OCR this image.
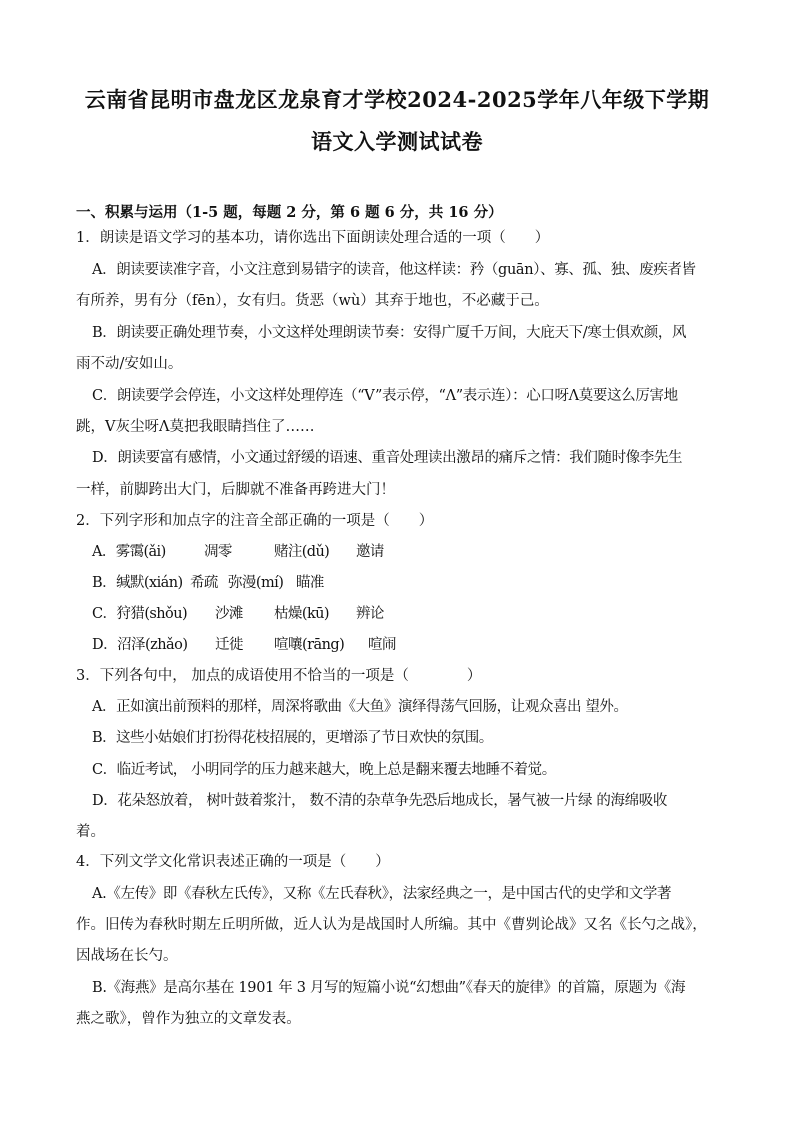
云南省昆明市盘龙区龙泉育才学校2024-2025学年八年级下学期
语文入学测试试卷
一、积累与运用（1-5 题，每题 2 分，第 6 题 6 分，共 16 分）
1．朗读是语文学习的基本功，请你选出下面朗读处理合适的一项（　　）
A．朗读要读准字音，小文注意到易错字的读音，他这样读：矜（guān）、寡、孤、独、废疾者皆
有所养，男有分（fēn），女有归。货恶（wù）其弃于地也，不必藏于己。
B．朗读要正确处理节奏，小文这样处理朗读节奏：安得广厦千万间，大庇天下/寒士俱欢颜，风
雨不动/安如山。
C．朗读要学会停连，小文这样处理停连（“V”表示停，“Λ”表示连）：心口呀Λ莫要这么厉害地
跳，V灰尘呀Λ莫把我眼睛挡住了……
D．朗读要富有感情，小文通过舒缓的语速、重音处理读出激昂的痛斥之情：我们随时像李先生
一样，前脚跨出大门，后脚就不准备再跨进大门！
2．下列字形和加点字的注音全部正确的一项是（　　）
A．雾霭(ǎi)	凋零	赌注(dǔ) 邀请
B．缄默(xián) 希疏 弥漫(mí) 瞄准
C．狩猎(shǒu) 沙滩 枯燥(kū) 辨论
D．沼泽(zhǎo) 迁徙 喧嚷(rāng) 喧闹
3．下列各句中， 加点的成语使用不恰当的一项是（　　　　）
A．正如演出前预料的那样，周深将歌曲《大鱼》演绎得荡气回肠，让观众喜出 望外。
B．这些小姑娘们打扮得花枝招展的，更增添了节日欢快的氛围。
C．临近考试， 小明同学的压力越来越大，晚上总是翻来覆去地睡不着觉。
D．花朵怒放着， 树叶鼓着浆汁， 数不清的杂草争先恐后地成长，暑气被一片绿 的海绵吸收
着。
4．下列文学文化常识表述正确的一项是（　　）
A.《左传》即《春秋左氏传》，又称《左氏春秋》，法家经典之一，是中国古代的史学和文学著
作。旧传为春秋时期左丘明所做，近人认为是战国时人所编。其中《曹刿论战》又名《长勺之战》，
因战场在长勺。
B.《海燕》是高尔基在 1901 年 3 月写的短篇小说“幻想曲”《春天的旋律》的首篇，原题为《海
燕之歌》，曾作为独立的文章发表。
